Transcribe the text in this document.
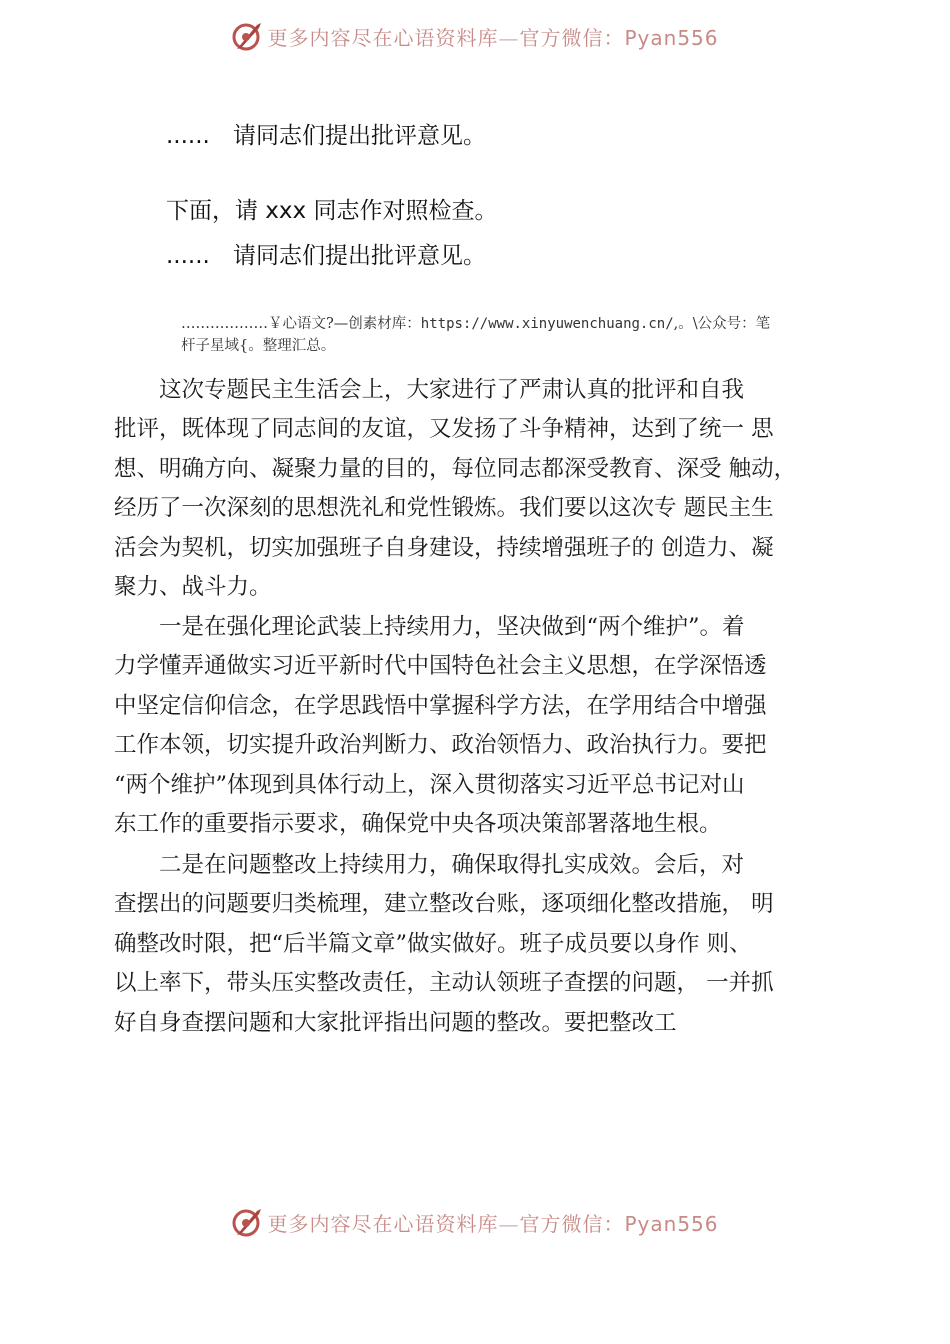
更多内容尽在心语资料库—官方微信：Pyan556
...... 请同志们提出批评意见。
下面，请 xxx 同志作对照检查。
...... 请同志们提出批评意见。
………………￥心语文?—创素材库：https://www.xinyuwenchuang.cn/,。\公众号：笔
杆子星域{。整理汇总。

　　这次专题民主生活会上，大家进行了严肃认真的批评和自我
批评，既体现了同志间的友谊，又发扬了斗争精神，达到了统一 思
想、明确方向、凝聚力量的目的，每位同志都深受教育、深受 触动，
经历了一次深刻的思想洗礼和党性锻炼。我们要以这次专 题民主生
活会为契机，切实加强班子自身建设，持续增强班子的 创造力、凝
聚力、战斗力。

　　一是在强化理论武装上持续用力，坚决做到“两个维护”。着
力学懂弄通做实习近平新时代中国特色社会主义思想，在学深悟透
中坚定信仰信念，在学思践悟中掌握科学方法，在学用结合中增强
工作本领，切实提升政治判断力、政治领悟力、政治执行力。要把
“两个维护”体现到具体行动上，深入贯彻落实习近平总书记对山
东工作的重要指示要求，确保党中央各项决策部署落地生根。

　　二是在问题整改上持续用力，确保取得扎实成效。会后，对
查摆出的问题要归类梳理，建立整改台账，逐项细化整改措施， 明
确整改时限，把“后半篇文章”做实做好。班子成员要以身作 则、
以上率下，带头压实整改责任，主动认领班子查摆的问题， 一并抓
好自身查摆问题和大家批评指出问题的整改。要把整改工

更多内容尽在心语资料库—官方微信：Pyan556
